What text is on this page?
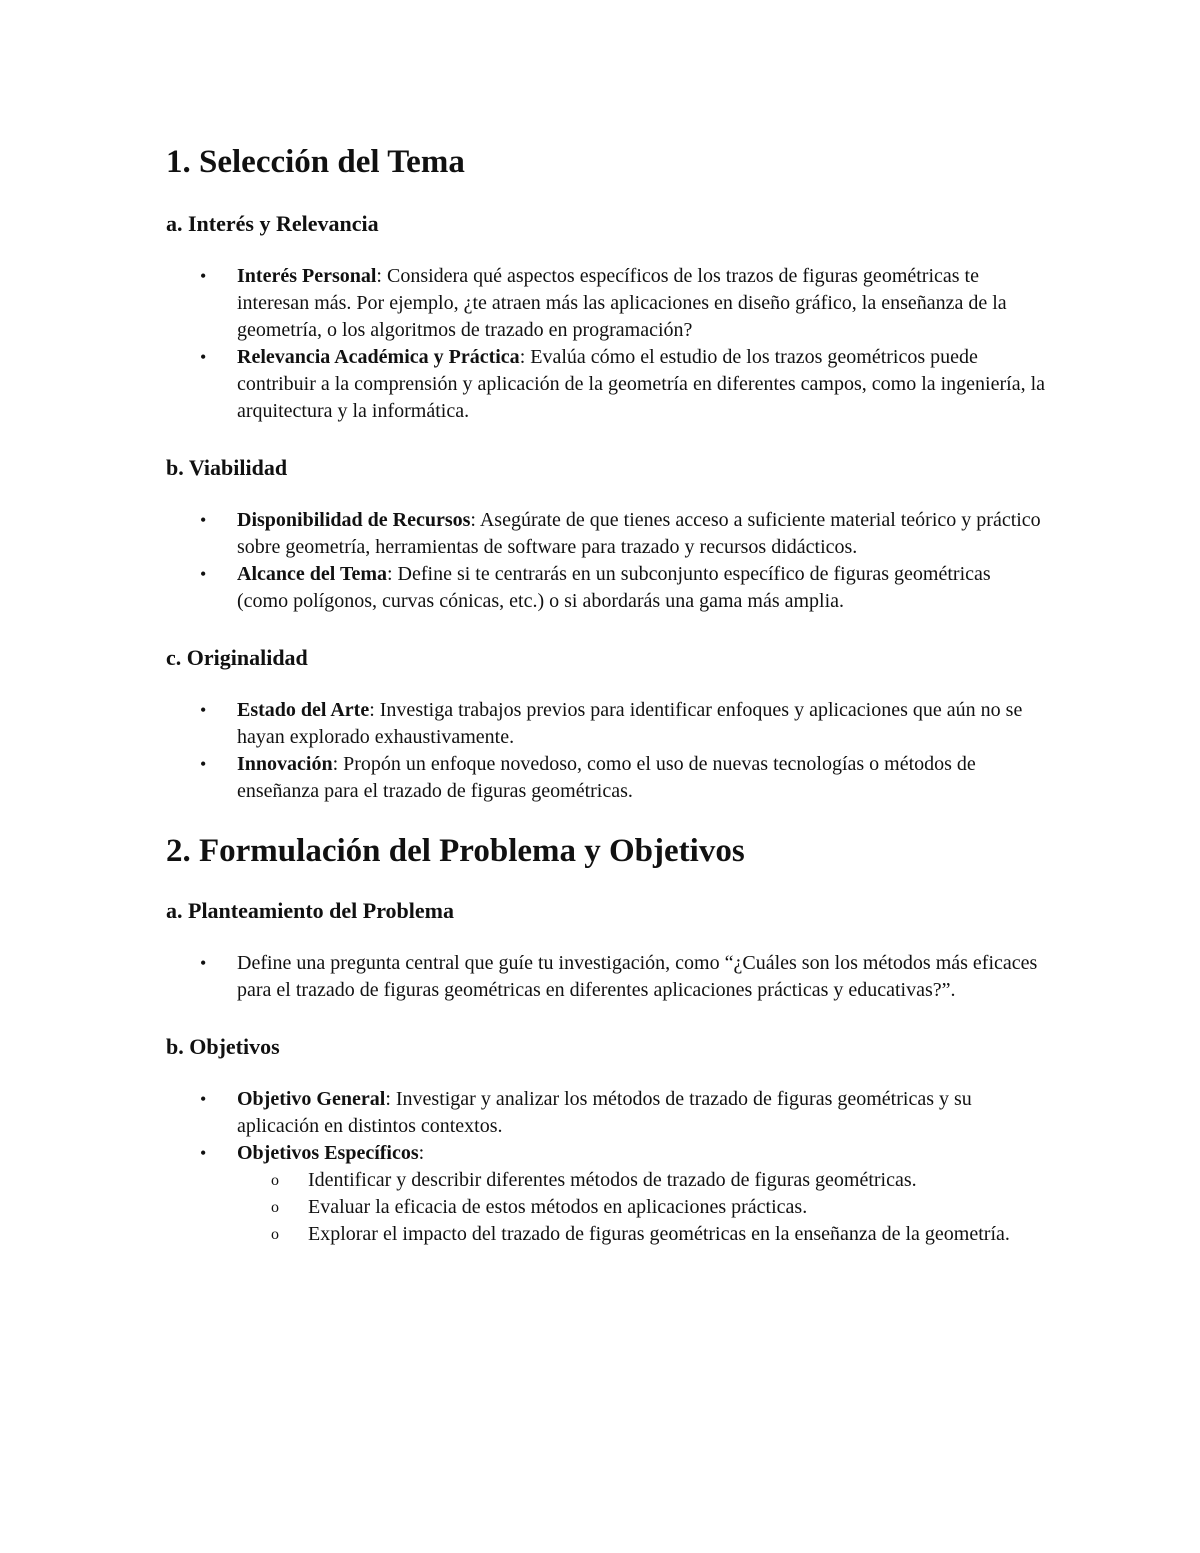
1. Selección del Tema
a. Interés y Relevancia
• Interés Personal: Considera qué aspectos específicos de los trazos de figuras geométricas te interesan más. Por ejemplo, ¿te atraen más las aplicaciones en diseño gráfico, la enseñanza de la geometría, o los algoritmos de trazado en programación?
• Relevancia Académica y Práctica: Evalúa cómo el estudio de los trazos geométricos puede contribuir a la comprensión y aplicación de la geometría en diferentes campos, como la ingeniería, la arquitectura y la informática.
b. Viabilidad
• Disponibilidad de Recursos: Asegúrate de que tienes acceso a suficiente material teórico y práctico sobre geometría, herramientas de software para trazado y recursos didácticos.
• Alcance del Tema: Define si te centrarás en un subconjunto específico de figuras geométricas (como polígonos, curvas cónicas, etc.) o si abordarás una gama más amplia.
c. Originalidad
• Estado del Arte: Investiga trabajos previos para identificar enfoques y aplicaciones que aún no se hayan explorado exhaustivamente.
• Innovación: Propón un enfoque novedoso, como el uso de nuevas tecnologías o métodos de enseñanza para el trazado de figuras geométricas.
2. Formulación del Problema y Objetivos
a. Planteamiento del Problema
• Define una pregunta central que guíe tu investigación, como “¿Cuáles son los métodos más eficaces para el trazado de figuras geométricas en diferentes aplicaciones prácticas y educativas?”.
b. Objetivos
• Objetivo General: Investigar y analizar los métodos de trazado de figuras geométricas y su aplicación en distintos contextos.
• Objetivos Específicos:
o Identificar y describir diferentes métodos de trazado de figuras geométricas.
o Evaluar la eficacia de estos métodos en aplicaciones prácticas.
o Explorar el impacto del trazado de figuras geométricas en la enseñanza de la geometría.
